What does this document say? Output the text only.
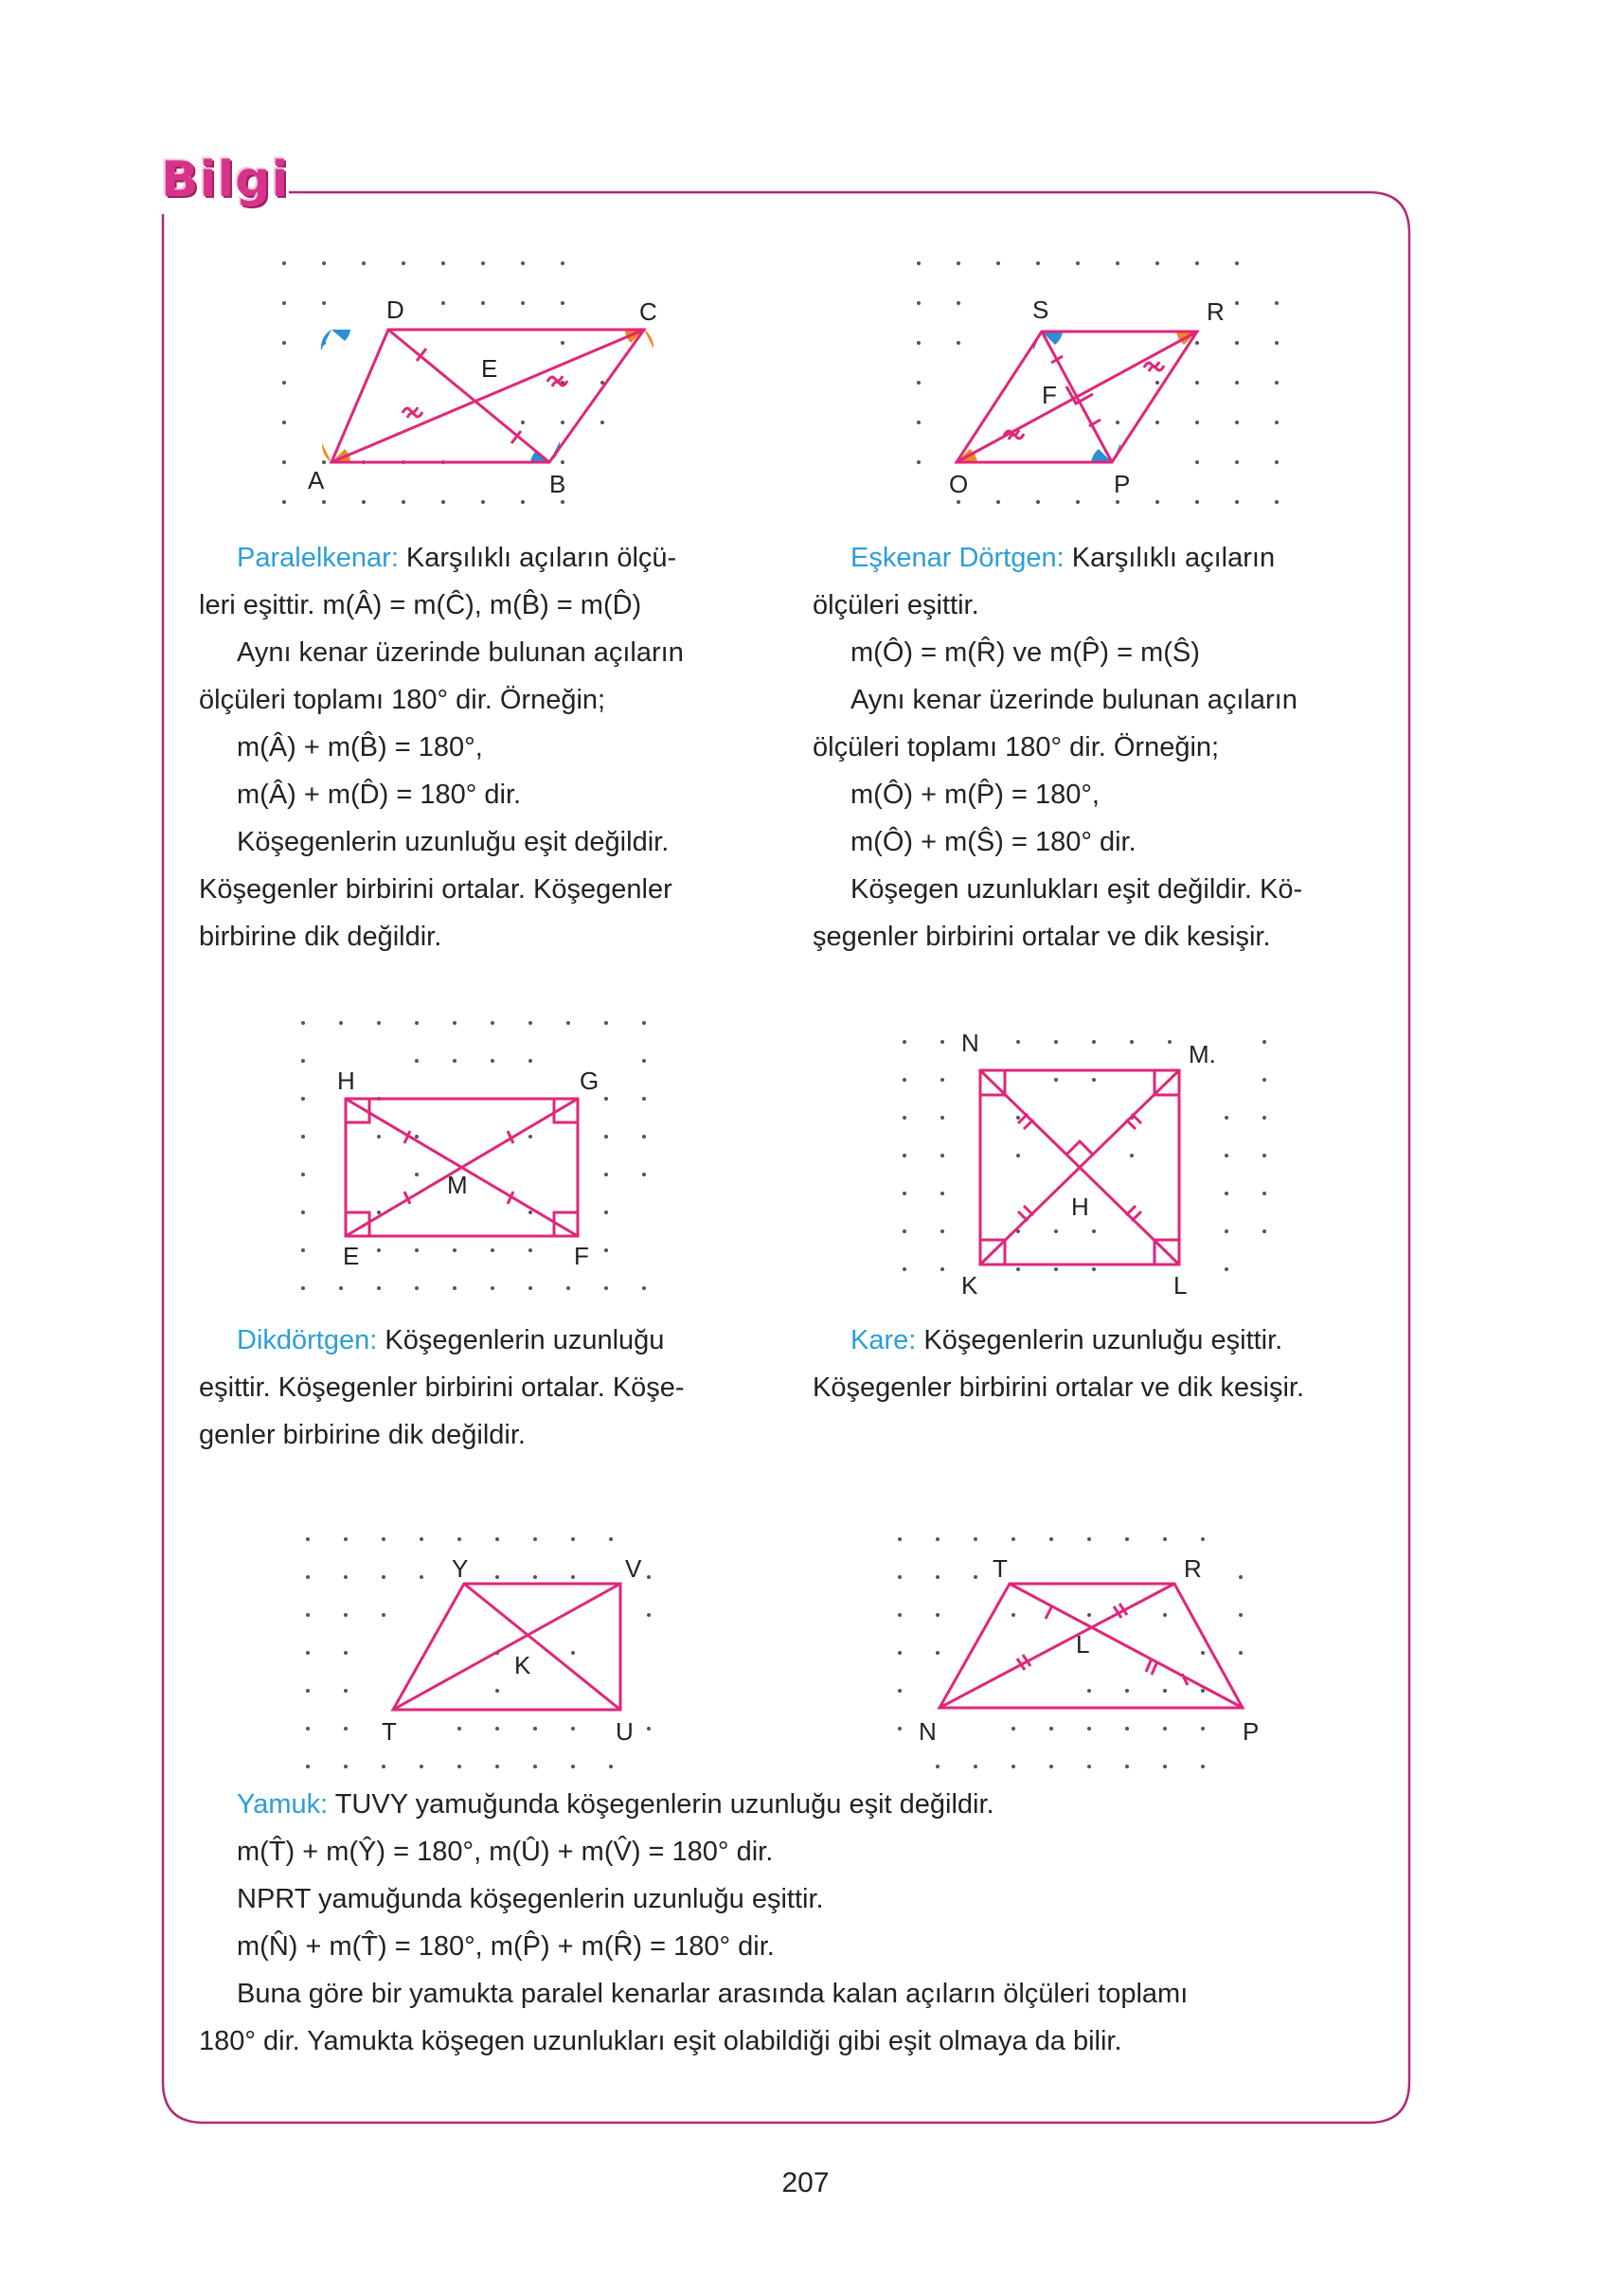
Bilgi
A	B
C
D
E
O	P
R
S
F

Paralelkenar: Karşılıklı açıların ölçü-

leri eşittir. m(Â) = m(Ĉ), m(B̂) = m(D̂)

Aynı kenar üzerinde bulunan açıların

ölçüleri toplamı 180° dir. Örneğin;

m(Â) + m(B̂) = 180°,

m(Â) + m(D̂) = 180° dir.

Köşegenlerin uzunluğu eşit değildir.

Köşegenler birbirini ortalar. Köşegenler

birbirine dik değildir.

Eşkenar Dörtgen: Karşılıklı açıların

ölçüleri eşittir.

m(Ô) = m(R̂) ve m(P̂) = m(Ŝ)

Aynı kenar üzerinde bulunan açıların

ölçüleri toplamı 180° dir. Örneğin;

m(Ô) + m(P̂) = 180°,

m(Ô) + m(Ŝ) = 180° dir.

Köşegen uzunlukları eşit değildir. Kö-

şegenler birbirini ortalar ve dik kesişir.

E	F
G
H
M
K	L
M.
N
H

Dikdörtgen: Köşegenlerin uzunluğu

eşittir. Köşegenler birbirini ortalar. Köşe-

genler birbirine dik değildir.

Kare: Köşegenlerin uzunluğu eşittir.

Köşegenler birbirini ortalar ve dik kesişir.

T	U
V
Y
K
N	P
R
T
L

Yamuk: TUVY yamuğunda köşegenlerin uzunluğu eşit değildir.

m(T̂) + m(Ŷ) = 180°, m(Û) + m(V̂) = 180° dir.

NPRT yamuğunda köşegenlerin uzunluğu eşittir.

m(N̂) + m(T̂) = 180°, m(P̂) + m(R̂) = 180° dir.

Buna göre bir yamukta paralel kenarlar arasında kalan açıların ölçüleri toplamı

180° dir. Yamukta köşegen uzunlukları eşit olabildiği gibi eşit olmaya da bilir.

207
